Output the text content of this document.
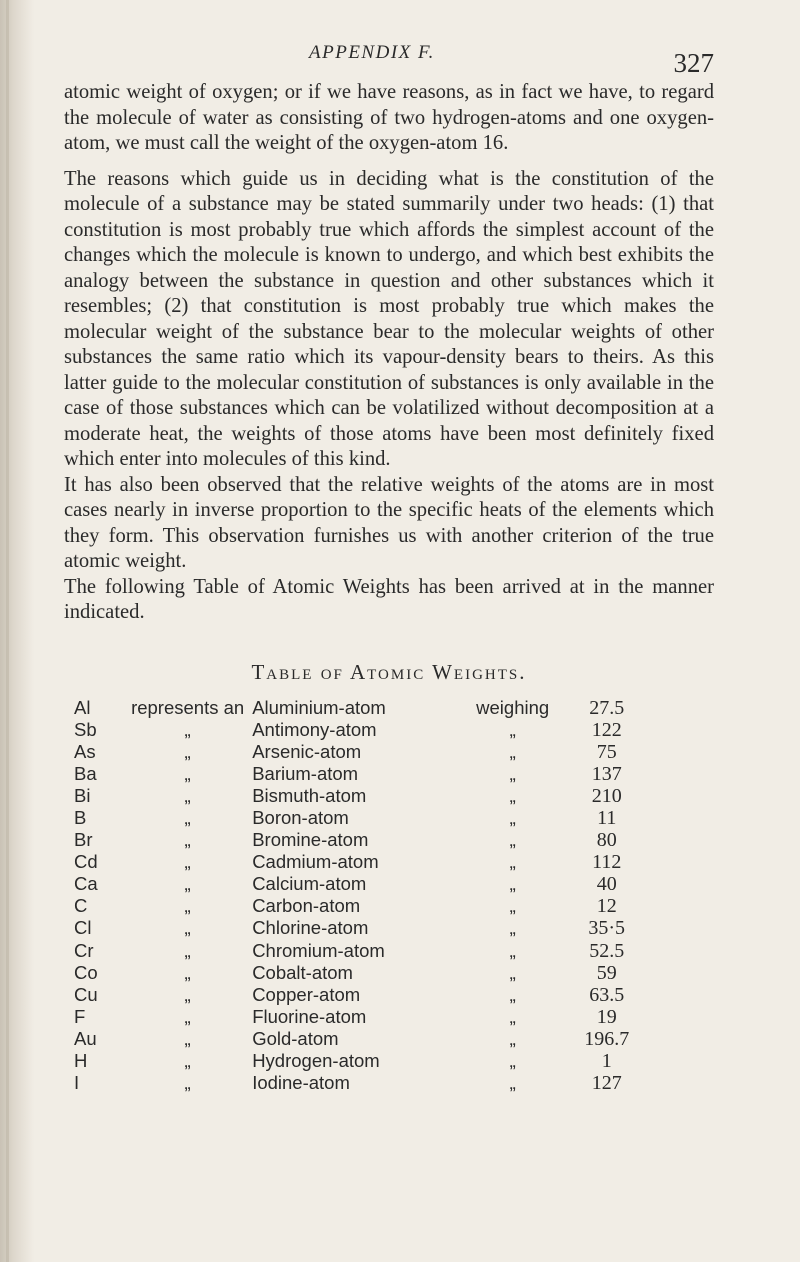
APPENDIX F.	327

atomic weight of oxygen; or if we have reasons, as in fact we have, to regard the molecule of water as consisting of two hydrogen-atoms and one oxygen-atom, we must call the weight of the oxygen-atom 16.

The reasons which guide us in deciding what is the constitution of the molecule of a substance may be stated summarily under two heads: (1) that constitution is most probably true which affords the simplest account of the changes which the molecule is known to undergo, and which best exhibits the analogy between the substance in question and other substances which it resembles; (2) that constitution is most probably true which makes the molecular weight of the substance bear to the molecular weights of other substances the same ratio which its vapour-density bears to theirs. As this latter guide to the molecular constitution of substances is only available in the case of those substances which can be volatilized without decomposition at a moderate heat, the weights of those atoms have been most definitely fixed which enter into molecules of this kind.

It has also been observed that the relative weights of the atoms are in most cases nearly in inverse proportion to the specific heats of the elements which they form. This observation furnishes us with another criterion of the true atomic weight.

The following Table of Atomic Weights has been arrived at in the manner indicated.

Table of Atomic Weights.
Al	represents an	Aluminium-atom	weighing	27.5
Sb	„	Antimony-atom	„	122
As	„	Arsenic-atom	„	75
Ba	„	Barium-atom	„	137
Bi	„	Bismuth-atom	„	210
B	„	Boron-atom	„	11
Br	„	Bromine-atom	„	80
Cd	„	Cadmium-atom	„	112
Ca	„	Calcium-atom	„	40
C	„	Carbon-atom	„	12
Cl	„	Chlorine-atom	„	35·5
Cr	„	Chromium-atom	„	52.5
Co	„	Cobalt-atom	„	59
Cu	„	Copper-atom	„	63.5
F	„	Fluorine-atom	„	19
Au	„	Gold-atom	„	196.7
H	„	Hydrogen-atom	„	1
I	„	Iodine-atom	„	127
